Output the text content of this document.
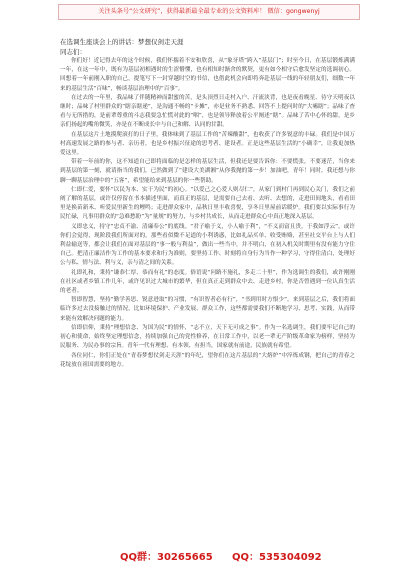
关注头条号“公文研究”，获得最新最全最专业的公文资料库！ 微信：gongwenyj
在选调生座谈会上的讲话：梦想仅剑走天涯
同志们：

你们好！近记得去年的这个时候，我们怀揣着不安和欣喜，从“象牙塔”跨入“基层门”；时至今日，在基层锻炼满满一年，在这一年中，既有为基层初相遇时的生涩懵懂，也有相知时渐舍的默契，更有如今相守后愈发坚定的选调初心。回想着一年前刚入职的自己，提笔写下一封穿越时空的书信，也借此机会向即将奔赴基层一线的年轻朋友们，细数一年来的基层生活“百味”，畅谈基层治理中的“百事”。

在过去的一年里，我品味了伴随精神而甜蜜的苦，是头顶烈日走村入户、汗流浃背，也是夜看晚星、待守天明夜以继时；品味了村里群众的“瞎亲瞎递”，是沟通不畅的“卡摊”，亦是业务不熟悉、回答不上提问时的“大嗑瞎”；品味了查看与无所措的，是前辈尊重的斗志我要急忙慌对此的“咽”，也是领导释放着公平阐述“瞎”。品味了苦中心怀的甜，是乡亲们扬起的嘴角微笑，亦是在不断成长中与自己和解、认同的甘甜。

在基层这片土地摸爬滚打的日子里，我体味到了基层工作的“苦辣酸甜”，也收获了许多锐意的丰碌。我们是中国万村高速发展之路的参与者、亲历者，也是乡村振兴征途的思考者、建设者。正是这些基层生活的“小确幸”，让我更加热爱这里。

带着一年前的你，这不知道自己即将面临的是怎样的基层生活，但我还是要告诉你：不要慌张，不要迷茫，当你来到基层的第一刻，就请指当的我们，已然做到了“建设大美湖湘”从你我抛的第一步！加油吧，青年！同时，我还想与你聊一聊基层治理中的“五客”，希望能给来到基层的你一些帮助。

仁即仁爱，要怀“以民为本、实干为民”的初心。“以爱己之心爱人则尽仁”，从家门到村门再到民心关门，我们之前阐了解的基层，或许仅停留在书本描述里面，而真正的基层，是需要自己去看、去听、去想的，走进田间地头，看看田里是换苗新禾、听爱民里新生的鲤鸣；走进群众家中，品秋日里丰收喜悦，享冬日里屋前话暖炉。我们要以实际事行为民忙碌，凡事用群众的“急难愁盼”为“量规”的努力，与乡村共成长，从而走进群众心中真正地深入基层。

义即忠义，持守“忠贞不渝、清廉奉公”的底线。“君子喻于义，小人喻于利”，“不义而富且贵，于我如浮云”。或许你们会觉得，现阶段我们所面对的，那些看似微不足道的小利诱惑，比如礼品买单、收受贿赂，甚至社交平台上与人们利益输送等，都会让我们在面对基层的“事一般与利益”，做出一些当中，并不明白，在初入机关时期里有没有能力守住自己。把清正廉洁作为工作的基本要求和行为准则，要坚持工作、时刻将自身行为当作一种学习，守得住清白，处理好公与私、情与法、利与义，亲与清之间的关系。

礼即礼和，秉持“谦恭仁厚、恭而有礼”的态度。俗语说“问路不施礼，多走二十里”，作为选调生的我们，或许刚刚在社区或者乡镇工作几年，或许见识过大城市的繁华，但在真正走到群众中去、走进乡村，你是否曾遇到一位认真生活的老者。

智即智慧，坚持“勤学善思、锐意进取”的习惯，“有识智者必有行”，“书到用时方恨少”。来到基层之后，我们将面临许多过去没接触过的情况，比如环境保护、产业发展、群众工作，这些都需要我们不断地学习、思考、实践，从而带来能有效解决问题的能力。

信即信仰，秉持“理想信念、为国为民”的情怀，“志不立，天下无可成之事”。作为一名选调生，我们要牢记自己的初心和使命，始终坚定理想信念，持续加强自己的党性修养，在日常工作中，以老一辈无产阶级革命家为榜样，坚持为民服务、为民办事的宗旨。青年一代有理想、有本领、有担当，国家就有前途，民族就有希望。

各位同仁，你们正处在“青春梦想仗剑走天涯”的年纪，望你们在这片基层的“大熔炉”中淬炼成钢，把自己的青春之花绽放在祖国需要的地方。

QQ群：30265665 QQ：535304092
